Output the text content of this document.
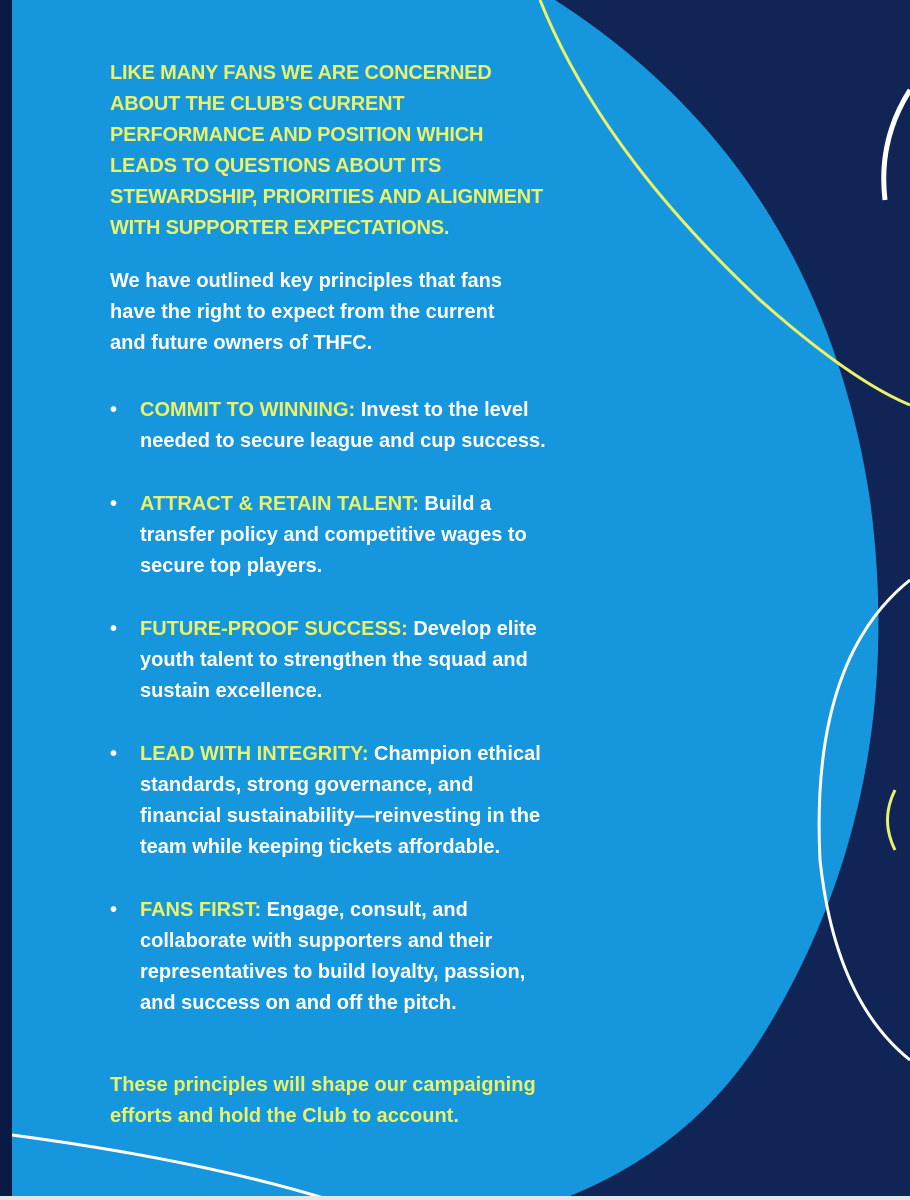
LIKE MANY FANS WE ARE CONCERNED
ABOUT THE CLUB'S CURRENT
PERFORMANCE AND POSITION WHICH
LEADS TO QUESTIONS ABOUT ITS
STEWARDSHIP, PRIORITIES AND ALIGNMENT
WITH SUPPORTER EXPECTATIONS.

We have outlined key principles that fans
have the right to expect from the current
and future owners of THFC.

• COMMIT TO WINNING: Invest to the level
needed to secure league and cup success.
• ATTRACT & RETAIN TALENT: Build a
transfer policy and competitive wages to
secure top players.
• FUTURE-PROOF SUCCESS: Develop elite
youth talent to strengthen the squad and
sustain excellence.
• LEAD WITH INTEGRITY: Champion ethical
standards, strong governance, and
financial sustainability—reinvesting in the
team while keeping tickets affordable.
• FANS FIRST: Engage, consult, and
collaborate with supporters and their
representatives to build loyalty, passion,
and success on and off the pitch.

These principles will shape our campaigning
efforts and hold the Club to account.
